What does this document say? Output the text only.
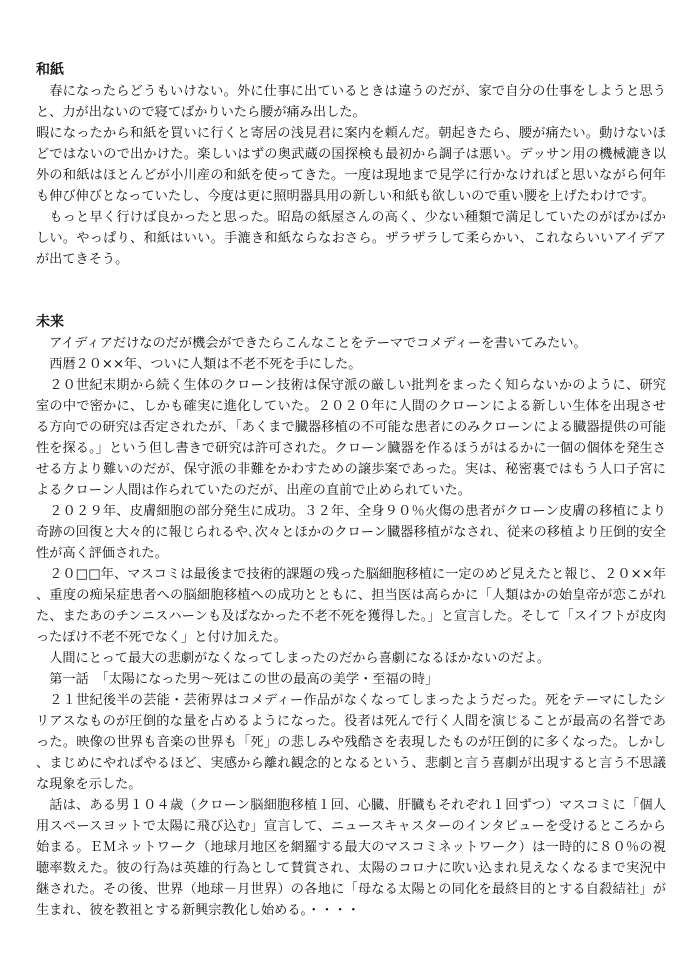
和紙

春になったらどうもいけない。外に仕事に出ているときは違うのだが、家で自分の仕事をしようと思うと、力が出ないので寝てばかりいたら腰が痛み出した。

暇になったから和紙を買いに行くと寄居の浅見君に案内を頼んだ。朝起きたら、腰が痛たい。動けないほどではないので出かけた。楽しいはずの奥武蔵の国探検も最初から調子は悪い。デッサン用の機械漉き以外の和紙はほとんどが小川産の和紙を使ってきた。一度は現地まで見学に行かなければと思いながら何年も伸び伸びとなっていたし、今度は更に照明器具用の新しい和紙も欲しいので重い腰を上げたわけです。

もっと早く行けば良かったと思った。昭島の紙屋さんの高く、少ない種類で満足していたのがばかばかしい。やっぱり、和紙はいい。手漉き和紙ならなおさら。ザラザラして柔らかい、これならいいアイデアが出てきそう。

未来

アイディアだけなのだが機会ができたらこんなことをテーマでコメディーを書いてみたい。

西暦２０××年、ついに人類は不老不死を手にした。

２０世紀末期から続く生体のクローン技術は保守派の厳しい批判をまったく知らないかのように、研究室の中で密かに、しかも確実に進化していた。２０２０年に人間のクローンによる新しい生体を出現させる方向での研究は否定されたが、「あくまで臓器移植の不可能な患者にのみクローンによる臓器提供の可能性を探る。」という但し書きで研究は許可された。クローン臓器を作るほうがはるかに一個の個体を発生させる方より難いのだが、保守派の非難をかわすための譲歩案であった。実は、秘密裏ではもう人口子宮によるクローン人間は作られていたのだが、出産の直前で止められていた。

２０２９年、皮膚細胞の部分発生に成功。３２年、全身９０％火傷の患者がクローン皮膚の移植により奇跡の回復と大々的に報じられるや､次々とほかのクローン臓器移植がなされ、従来の移植より圧倒的安全性が高く評価された。

２０□□年、マスコミは最後まで技術的課題の残った脳細胞移植に一定のめど見えたと報じ、２０××年、重度の痴呆症患者への脳細胞移植への成功とともに、担当医は高らかに「人類はかの始皇帝が恋こがれた、またあのチンニスハーンも及ばなかった不老不死を獲得した。」と宣言した。そして「スイフトが皮肉ったぽけ不老不死でなく」と付け加えた。

人間にとって最大の悲劇がなくなってしまったのだから喜劇になるほかないのだよ。

第一話　「太陽になった男～死はこの世の最高の美学・至福の時」

２１世紀後半の芸能・芸術界はコメディー作品がなくなってしまったようだった。死をテーマにしたシリアスなものが圧倒的な量を占めるようになった。役者は死んで行く人間を演じることが最高の名誉であった。映像の世界も音楽の世界も「死」の悲しみや残酷さを表現したものが圧倒的に多くなった。しかし、まじめにやればやるほど、実感から離れ観念的となるという、悲劇と言う喜劇が出現すると言う不思議な現象を示した。

話は、ある男１０４歳（クローン脳細胞移植１回、心臓、肝臓もそれぞれ１回ずつ）マスコミに「個人用スペースヨットで太陽に飛び込む」宣言して、ニュースキャスターのインタビューを受けるところから始まる。ＥＭネットワーク（地球月地区を網羅する最大のマスコミネットワーク）は一時的に８０％の視聴率数えた。彼の行為は英雄的行為として賛賞され、太陽のコロナに吹い込まれ見えなくなるまで実況中継された。その後、世界（地球－月世界）の各地に「母なる太陽との同化を最終目的とする自殺結社」が生まれ、彼を教祖とする新興宗教化し始める。・・・・
